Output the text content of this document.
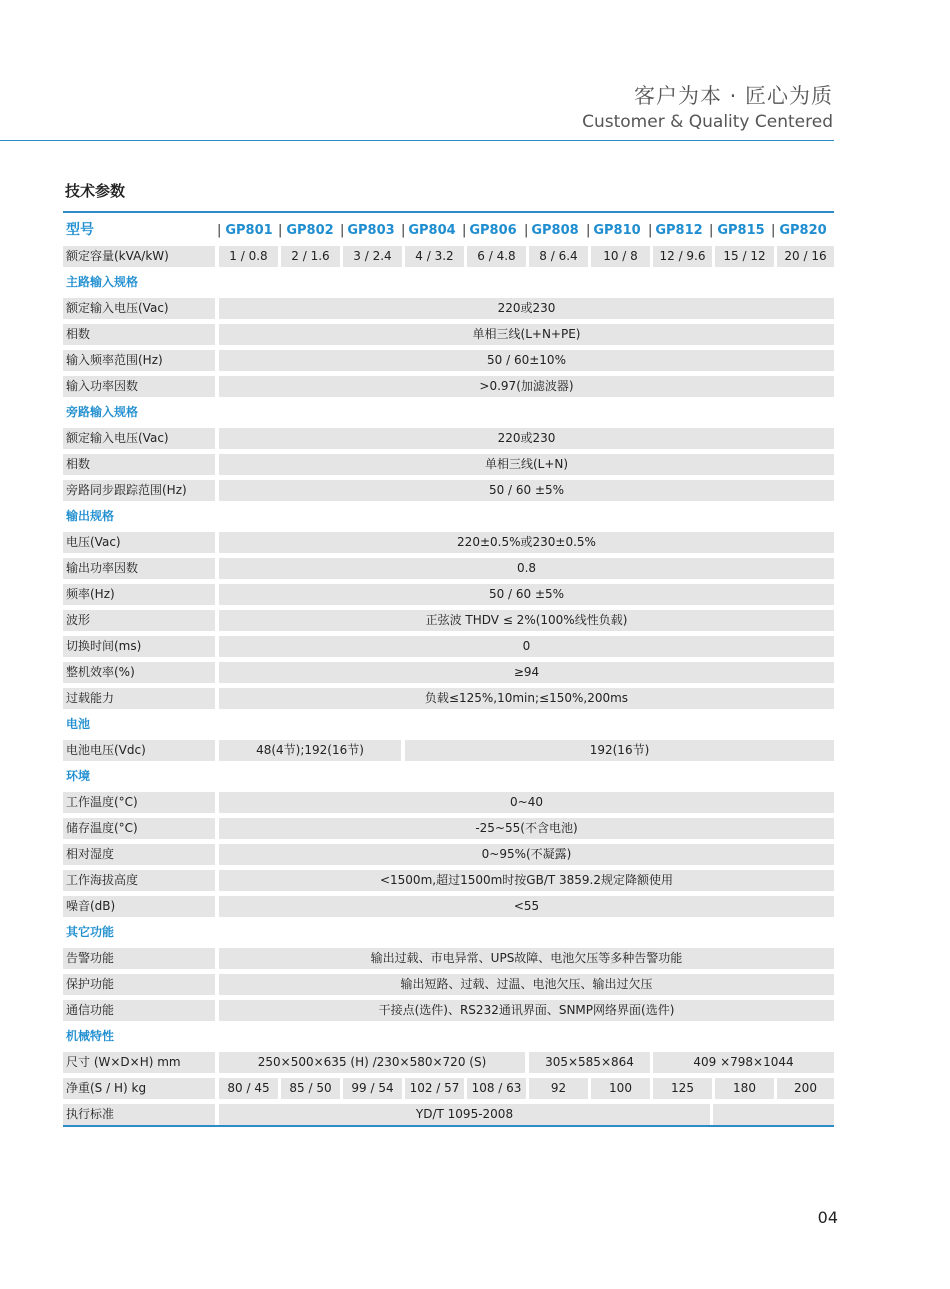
客户为本 · 匠心为质
Customer & Quality Centered
技术参数
型号	| GP801 | GP802 | GP803 | GP804 | GP806 | GP808 | GP810 | GP812 | GP815 | GP820
额定容量(kVA/kW)	1 / 0.8	2 / 1.6	3 / 2.4	4 / 3.2	6 / 4.8	8 / 6.4	10 / 8	12 / 9.6	15 / 12	20 / 16
主路输入规格
额定输入电压(Vac)	220或230
相数	单相三线(L+N+PE)
输入频率范围(Hz)	50 / 60±10%
输入功率因数	>0.97(加滤波器)
旁路输入规格
额定输入电压(Vac)	220或230
相数	单相三线(L+N)
旁路同步跟踪范围(Hz)	50 / 60 ±5%
输出规格
电压(Vac)	220±0.5%或230±0.5%
输出功率因数	0.8
频率(Hz)	50 / 60 ±5%
波形	正弦波 THDV ≤ 2%(100%线性负载)
切换时间(ms)	0
整机效率(%)	≥94
过载能力	负载≤125%,10min;≤150%,200ms
电池
电池电压(Vdc)	48(4节);192(16节)	192(16节)
环境
工作温度(°C)	0~40
储存温度(°C)	-25~55(不含电池)
相对湿度	0~95%(不凝露)
工作海拔高度	<1500m,超过1500m时按GB/T 3859.2规定降额使用
噪音(dB)	<55
其它功能
告警功能	输出过载、市电异常、UPS故障、电池欠压等多种告警功能
保护功能	输出短路、过载、过温、电池欠压、输出过欠压
通信功能	干接点(选件)、RS232通讯界面、SNMP网络界面(选件)
机械特性
尺寸 (W×D×H) mm	250×500×635 (H) /230×580×720 (S)	305×585×864	409 ×798×1044
净重(S / H) kg	80 / 45	85 / 50	99 / 54	102 / 57	108 / 63	92	100	125	180	200
执行标准	YD/T 1095-2008
04
